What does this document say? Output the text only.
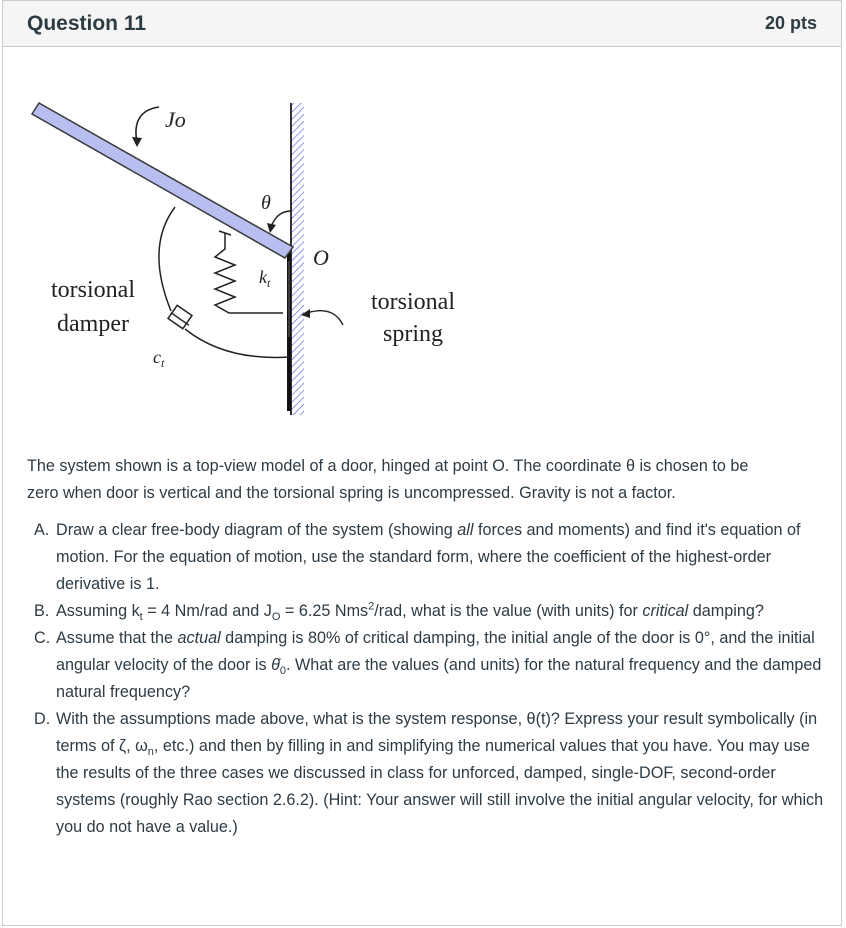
Question 11	20 pts
Jo
θ
O
$k_t$
$c_t$
torsional
damper
torsional
spring

The system shown is a top-view model of a door, hinged at point O. The coordinate θ is chosen to be
zero when door is vertical and the torsional spring is uncompressed. Gravity is not a factor.

A. Draw a clear free-body diagram of the system (showing all forces and moments) and find it's equation of motion. For the equation of motion, use the standard form, where the coefficient of the highest-order derivative is 1.
B. Assuming $k_t = 4$ Nm/rad and $J_O = 6.25$ Nms$^2$/rad, what is the value (with units) for critical damping?
C. Assume that the actual damping is 80% of critical damping, the initial angle of the door is 0°, and the initial angular velocity of the door is $\thetȧ_0$. What are the values (and units) for the natural frequency and the damped natural frequency?
D. With the assumptions made above, what is the system response, θ(t)? Express your result symbolically (in terms of ζ, $\omega_n$, etc.) and then by filling in and simplifying the numerical values that you have. You may use the results of the three cases we discussed in class for unforced, damped, single-DOF, second-order systems (roughly Rao section 2.6.2). (Hint: Your answer will still involve the initial angular velocity, for which you do not have a value.)
